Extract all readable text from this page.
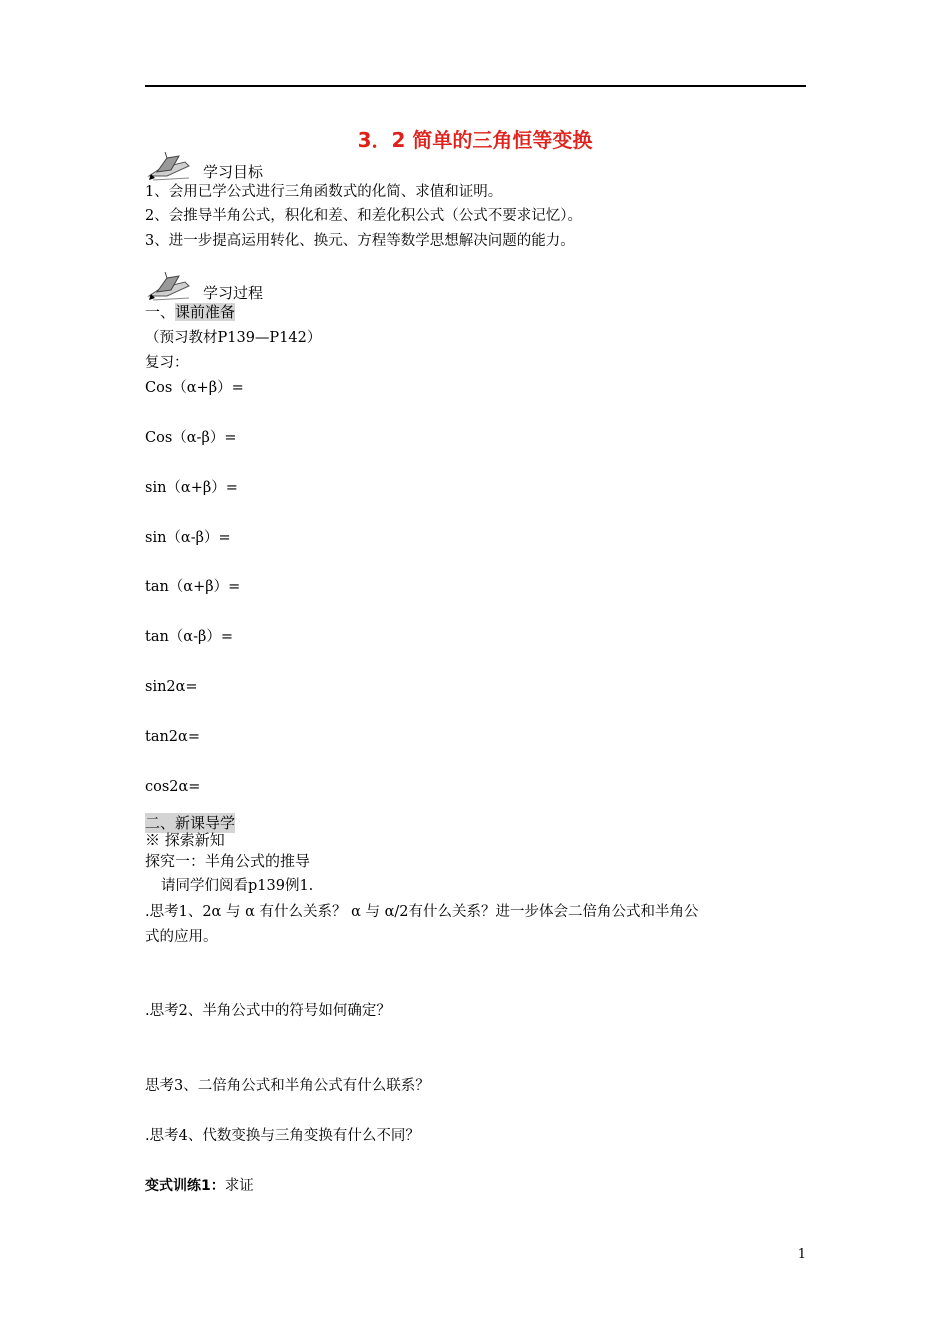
3．2 简单的三角恒等变换
学习目标
1、会用已学公式进行三角函数式的化简、求值和证明。
2、会推导半角公式，积化和差、和差化积公式（公式不要求记忆）。
3、进一步提高运用转化、换元、方程等数学思想解决问题的能力。
学习过程
一、课前准备
（预习教材P139—P142）
复习：
Cos（α+β）=
Cos（α-β）=
sin（α+β）=
sin（α-β）=
tan（α+β）=
tan（α-β）=
sin2α=
tan2α=
cos2α=
二、新课导学
※ 探索新知
探究一：半角公式的推导
请同学们阅看p139例1.
.思考1、2α 与 α 有什么关系？ α 与 α/2有什么关系？进一步体会二倍角公式和半角公
式的应用。
.思考2、半角公式中的符号如何确定？
思考3、二倍角公式和半角公式有什么联系？
.思考4、代数变换与三角变换有什么不同？
变式训练1：求证
1
